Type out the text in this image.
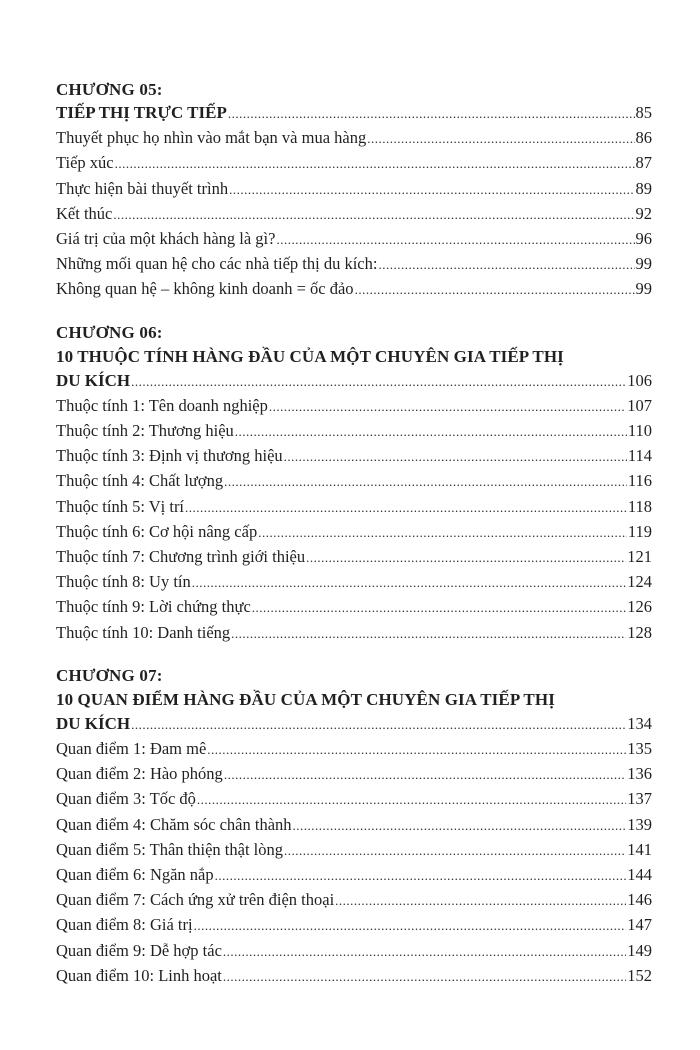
CHƯƠNG 05:
TIẾP THỊ TRỰC TIẾP .....	85
Thuyết phục họ nhìn vào mắt bạn và mua hàng .....	86
Tiếp xúc .....	87
Thực hiện bài thuyết trình .....	89
Kết thúc .....	92
Giá trị của một khách hàng là gì? .....	96
Những mối quan hệ cho các nhà tiếp thị du kích: .....	99
Không quan hệ – không kinh doanh = ốc đảo .....	99
CHƯƠNG 06:
10 THUỘC TÍNH HÀNG ĐẦU CỦA MỘT CHUYÊN GIA TIẾP THỊ
DU KÍCH .....	106
Thuộc tính 1: Tên doanh nghiệp .....	107
Thuộc tính 2: Thương hiệu .....	110
Thuộc tính 3: Định vị thương hiệu .....	114
Thuộc tính 4: Chất lượng .....	116
Thuộc tính 5: Vị trí .....	118
Thuộc tính 6: Cơ hội nâng cấp .....	119
Thuộc tính 7: Chương trình giới thiệu .....	121
Thuộc tính 8: Uy tín .....	124
Thuộc tính 9: Lời chứng thực .....	126
Thuộc tính 10: Danh tiếng .....	128
CHƯƠNG 07:
10 QUAN ĐIỂM HÀNG ĐẦU CỦA MỘT CHUYÊN GIA TIẾP THỊ
DU KÍCH .....	134
Quan điểm 1: Đam mê .....	135
Quan điểm 2: Hào phóng .....	136
Quan điểm 3: Tốc độ .....	137
Quan điểm 4: Chăm sóc chân thành .....	139
Quan điểm 5: Thân thiện thật lòng .....	141
Quan điểm 6: Ngăn nắp .....	144
Quan điểm 7: Cách ứng xử trên điện thoại .....	146
Quan điểm 8: Giá trị .....	147
Quan điểm 9: Dễ hợp tác .....	149
Quan điểm 10: Linh hoạt .....	152
